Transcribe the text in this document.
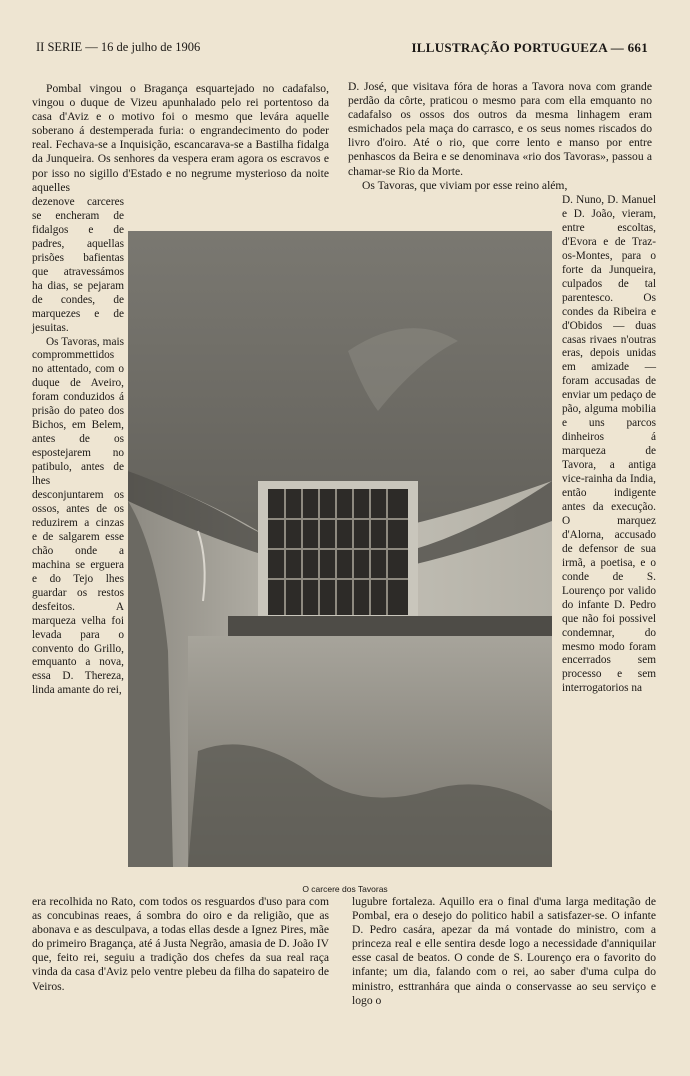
II SERIE — 16 de julho de 1906	ILLUSTRAÇÃO PORTUGUEZA — 661

Pombal vingou o Bragança esquartejado no cadafalso, vingou o duque de Vizeu apunhalado pelo rei portentoso da casa d'Aviz e o motivo foi o mesmo que levára aquelle soberano á destemperada furia: o engrandecimento do poder real. Fechava-se a Inquisição, escancarava-se a Bastilha fidalga da Junqueira. Os senhores da vespera eram agora os escravos e por isso no sigillo d'Estado e no negrume mysterioso da noite aquelles

D. José, que visitava fóra de horas a Tavora nova com grande perdão da côrte, praticou o mesmo para com ella emquanto no cadafalso os ossos dos outros da mesma linhagem eram esmichados pela maça do carrasco, e os seus nomes riscados do livro d'oiro. Até o rio, que corre lento e manso por entre penhascos da Beira e se denominava «rio dos Tavoras», passou a chamar-se Rio da Morte.

Os Tavoras, que viviam por esse reino além,

dezenove carceres se encheram de fidalgos e de padres, aquellas prisões bafientas que atravessámos ha dias, se pejaram de condes, de marquezes e de jesuitas.

Os Tavoras, mais comprommettidos no attentado, com o duque de Aveiro, foram conduzidos á prisão do pateo dos Bichos, em Belem, antes de os espostejarem no patibulo, antes de lhes desconjuntarem os ossos, antes de os reduzirem a cinzas e de salgarem esse chão onde a machina se erguera e do Tejo lhes guardar os restos desfeitos. A marqueza velha foi levada para o convento do Grillo, emquanto a nova, essa D. Thereza, linda amante do rei,

D. Nuno, D. Manuel e D. João, vieram, entre escoltas, d'Evora e de Traz-os-Montes, para o forte da Junqueira, culpados de tal parentesco. Os condes da Ribeira e d'Obidos — duas casas rivaes n'outras eras, depois unidas em amizade — foram accusadas de enviar um pedaço de pão, alguma mobilia e uns parcos dinheiros á marqueza de Tavora, a antiga vice-rainha da India, então indigente antes da execução. O marquez d'Alorna, accusado de defensor de sua irmã, a poetisa, e o conde de S. Lourenço por valido do infante D. Pedro que não foi possivel condemnar, do mesmo modo foram encerrados sem processo e sem interrogatorios na

O carcere dos Tavoras

era recolhida no Rato, com todos os resguardos d'uso para com as concubinas reaes, á sombra do oiro e da religião, que as abonava e as desculpava, a todas ellas desde a Ignez Pires, mãe do primeiro Bragança, até á Justa Negrão, amasia de D. João IV que, feito rei, seguiu a tradição dos chefes da sua real raça vinda da casa d'Aviz pelo ventre plebeu da filha do sapateiro de Veiros.

lugubre fortaleza. Aquillo era o final d'uma larga meditação de Pombal, era o desejo do politico habil a satisfazer-se. O infante D. Pedro casára, apezar da má vontade do ministro, com a princeza real e elle sentira desde logo a necessidade d'anniquilar esse casal de beatos. O conde de S. Lourenço era o favorito do infante; um dia, falando com o rei, ao saber d'uma culpa do ministro, esttranhára que ainda o conservasse ao seu serviço e logo o
